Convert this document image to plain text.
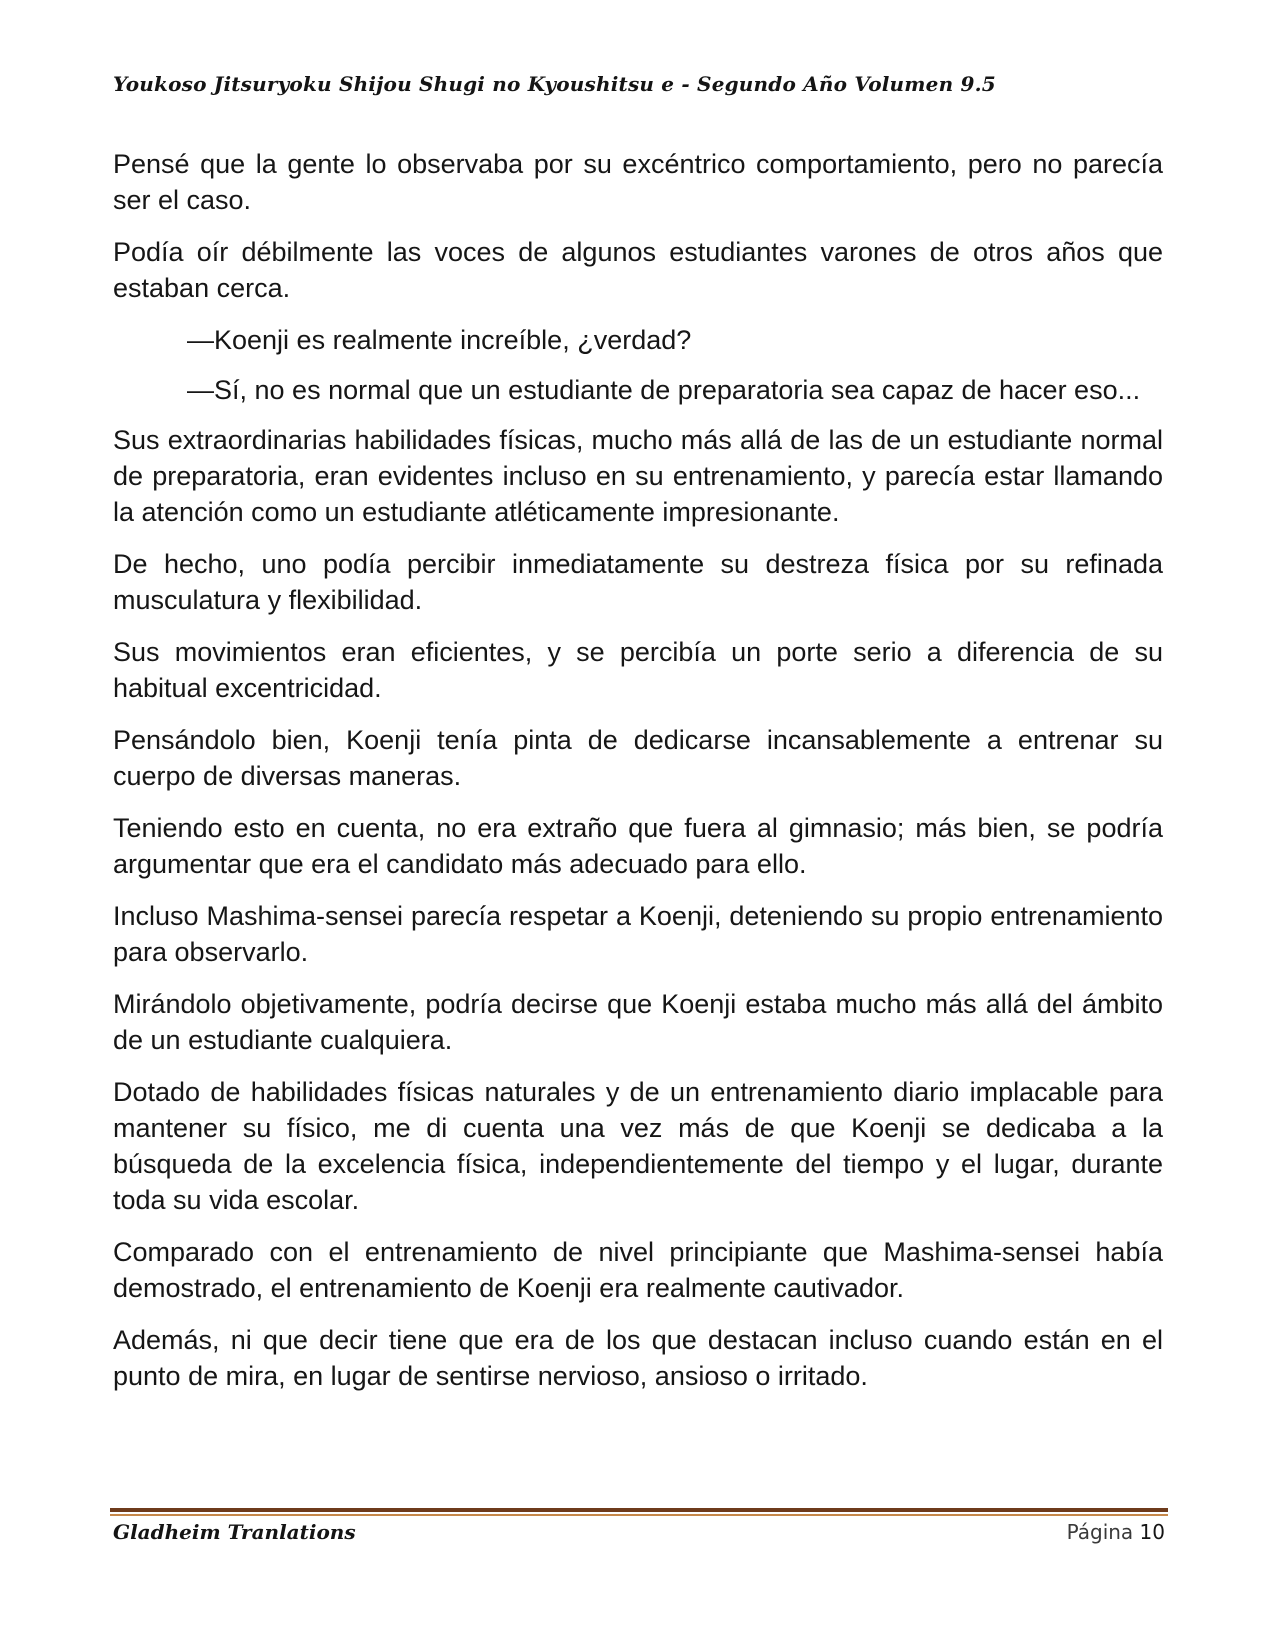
Youkoso Jitsuryoku Shijou Shugi no Kyoushitsu e - Segundo Año Volumen 9.5

Pensé que la gente lo observaba por su excéntrico comportamiento, pero no parecía ser el caso.

Podía oír débilmente las voces de algunos estudiantes varones de otros años que estaban cerca.

—Koenji es realmente increíble, ¿verdad?

—Sí, no es normal que un estudiante de preparatoria sea capaz de hacer eso...

Sus extraordinarias habilidades físicas, mucho más allá de las de un estudiante normal de preparatoria, eran evidentes incluso en su entrenamiento, y parecía estar llamando la atención como un estudiante atléticamente impresionante.

De hecho, uno podía percibir inmediatamente su destreza física por su refinada musculatura y flexibilidad.

Sus movimientos eran eficientes, y se percibía un porte serio a diferencia de su habitual excentricidad.

Pensándolo bien, Koenji tenía pinta de dedicarse incansablemente a entrenar su cuerpo de diversas maneras.

Teniendo esto en cuenta, no era extraño que fuera al gimnasio; más bien, se podría argumentar que era el candidato más adecuado para ello.

Incluso Mashima-sensei parecía respetar a Koenji, deteniendo su propio entrenamiento para observarlo.

Mirándolo objetivamente, podría decirse que Koenji estaba mucho más allá del ámbito de un estudiante cualquiera.

Dotado de habilidades físicas naturales y de un entrenamiento diario implacable para mantener su físico, me di cuenta una vez más de que Koenji se dedicaba a la búsqueda de la excelencia física, independientemente del tiempo y el lugar, durante toda su vida escolar.

Comparado con el entrenamiento de nivel principiante que Mashima-sensei había demostrado, el entrenamiento de Koenji era realmente cautivador.

Además, ni que decir tiene que era de los que destacan incluso cuando están en el punto de mira, en lugar de sentirse nervioso, ansioso o irritado.

Gladheim Tranlations	Página 10
